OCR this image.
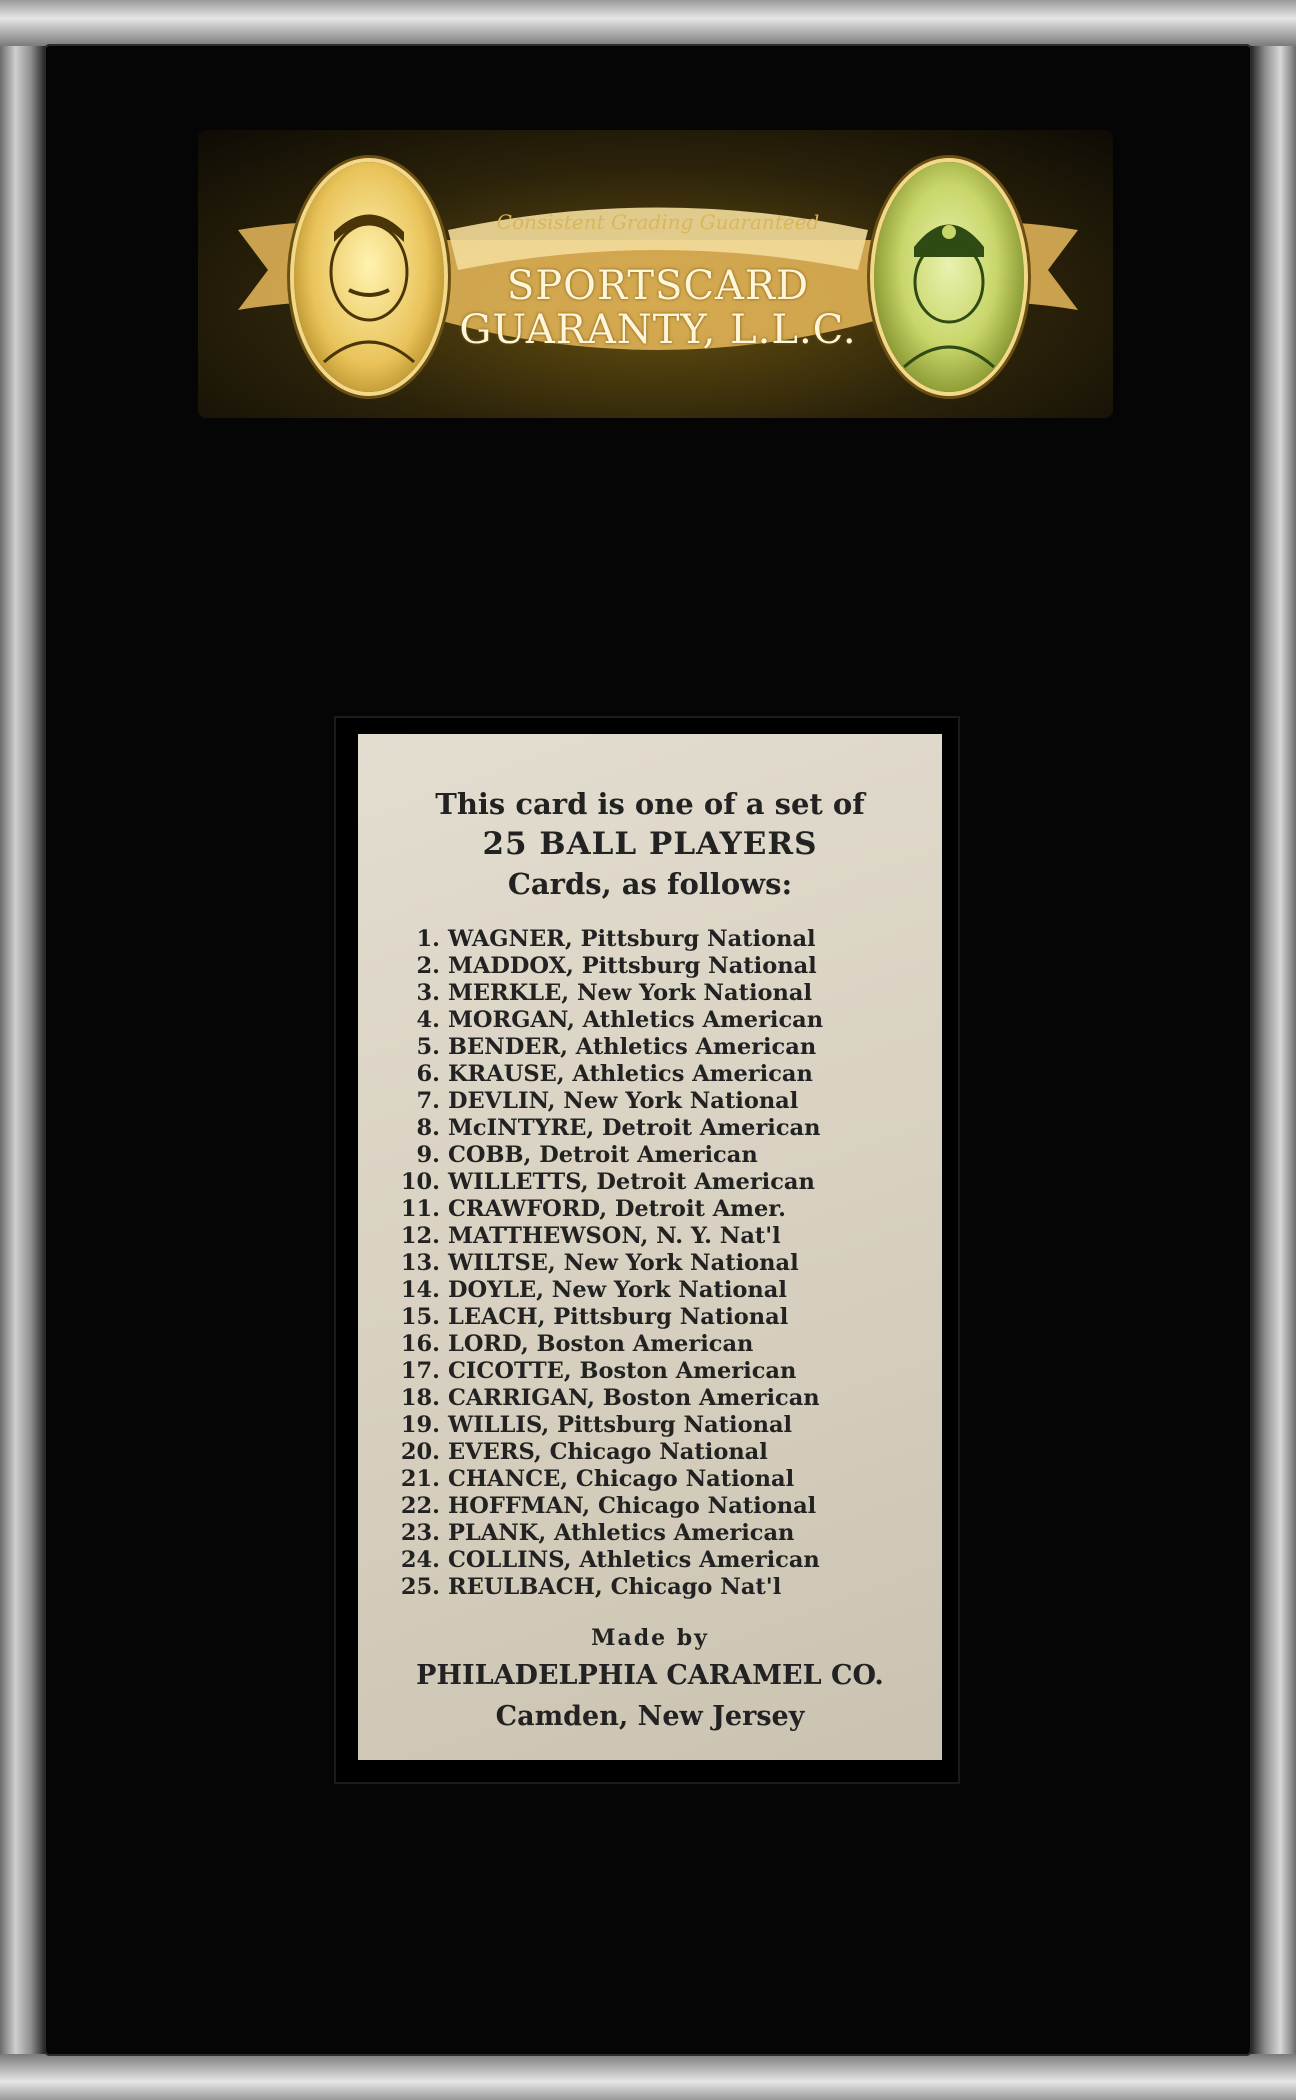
Consistent Grading Guaranteed
SPORTSCARD
GUARANTY, L.L.C.
This card is one of a set of
25 BALL PLAYERS
Cards, as follows:
1. WAGNER, Pittsburg National
2. MADDOX, Pittsburg National
3. MERKLE, New York National
4. MORGAN, Athletics American
5. BENDER, Athletics American
6. KRAUSE, Athletics American
7. DEVLIN, New York National
8. McINTYRE, Detroit American
9. COBB, Detroit American
10. WILLETTS, Detroit American
11. CRAWFORD, Detroit Amer.
12. MATTHEWSON, N. Y. Nat'l
13. WILTSE, New York National
14. DOYLE, New York National
15. LEACH, Pittsburg National
16. LORD, Boston American
17. CICOTTE, Boston American
18. CARRIGAN, Boston American
19. WILLIS, Pittsburg National
20. EVERS, Chicago National
21. CHANCE, Chicago National
22. HOFFMAN, Chicago National
23. PLANK, Athletics American
24. COLLINS, Athletics American
25. REULBACH, Chicago Nat'l
Made by
PHILADELPHIA CARAMEL CO.
Camden, New Jersey
